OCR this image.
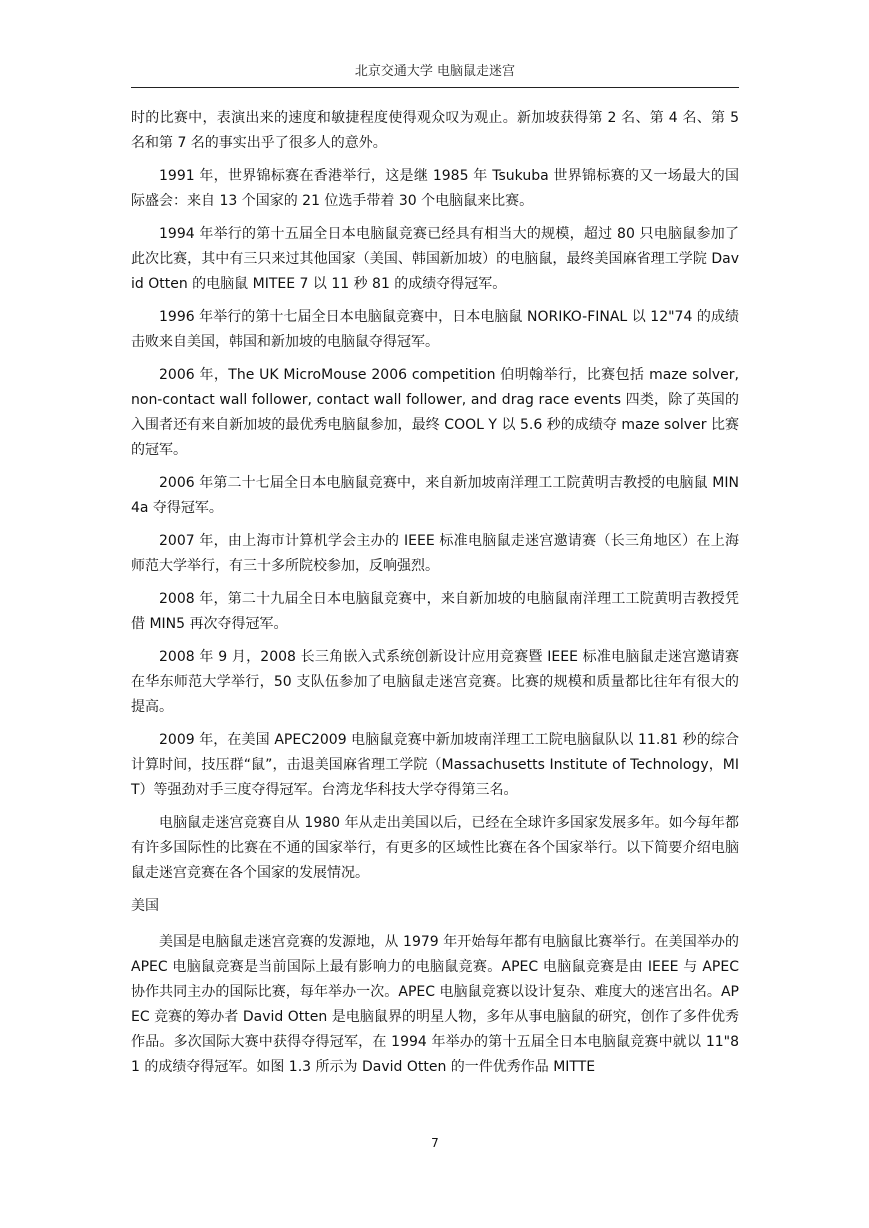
北京交通大学 电脑鼠走迷宫

时的比赛中，表演出来的速度和敏捷程度使得观众叹为观止。新加坡获得第 2 名、第 4 名、第 5 名和第 7 名的事实出乎了很多人的意外。

1991 年，世界锦标赛在香港举行，这是继 1985 年 Tsukuba 世界锦标赛的又一场最大的国际盛会：来自 13 个国家的 21 位选手带着 30 个电脑鼠来比赛。

1994 年举行的第十五届全日本电脑鼠竞赛已经具有相当大的规模，超过 80 只电脑鼠参加了此次比赛，其中有三只来过其他国家（美国、韩国新加坡）的电脑鼠，最终美国麻省理工学院 David Otten 的电脑鼠 MITEE 7 以 11 秒 81 的成绩夺得冠军。

1996 年举行的第十七届全日本电脑鼠竞赛中，日本电脑鼠 NORIKO-FINAL 以 12"74 的成绩击败来自美国，韩国和新加坡的电脑鼠夺得冠军。

2006 年，The UK MicroMouse 2006 competition 伯明翰举行，比赛包括 maze solver, non-contact wall follower, contact wall follower, and drag race events 四类，除了英国的入围者还有来自新加坡的最优秀电脑鼠参加，最终 COOL Y 以 5.6 秒的成绩夺 maze solver 比赛的冠军。

2006 年第二十七届全日本电脑鼠竞赛中，来自新加坡南洋理工工院黄明吉教授的电脑鼠 MIN4a 夺得冠军。

2007 年，由上海市计算机学会主办的 IEEE 标准电脑鼠走迷宫邀请赛（长三角地区）在上海师范大学举行，有三十多所院校参加，反响强烈。

2008 年，第二十九届全日本电脑鼠竞赛中，来自新加坡的电脑鼠南洋理工工院黄明吉教授凭借 MIN5 再次夺得冠军。

2008 年 9 月，2008 长三角嵌入式系统创新设计应用竞赛暨 IEEE 标准电脑鼠走迷宫邀请赛在华东师范大学举行，50 支队伍参加了电脑鼠走迷宫竞赛。比赛的规模和质量都比往年有很大的提高。

2009 年，在美国 APEC2009 电脑鼠竞赛中新加坡南洋理工工院电脑鼠队以 11.81 秒的综合计算时间，技压群“鼠”，击退美国麻省理工学院（Massachusetts Institute of Technology，MIT）等强劲对手三度夺得冠军。台湾龙华科技大学夺得第三名。

电脑鼠走迷宫竞赛自从 1980 年从走出美国以后，已经在全球许多国家发展多年。如今每年都有许多国际性的比赛在不通的国家举行，有更多的区域性比赛在各个国家举行。以下简要介绍电脑鼠走迷宫竞赛在各个国家的发展情况。

美国

美国是电脑鼠走迷宫竞赛的发源地，从 1979 年开始每年都有电脑鼠比赛举行。在美国举办的 APEC 电脑鼠竞赛是当前国际上最有影响力的电脑鼠竞赛。APEC 电脑鼠竞赛是由 IEEE 与 APEC 协作共同主办的国际比赛，每年举办一次。APEC 电脑鼠竞赛以设计复杂、难度大的迷宫出名。APEC 竞赛的筹办者 David Otten 是电脑鼠界的明星人物，多年从事电脑鼠的研究，创作了多件优秀作品。多次国际大赛中获得夺得冠军，在 1994 年举办的第十五届全日本电脑鼠竞赛中就以 11"81 的成绩夺得冠军。如图 1.3 所示为 David Otten 的一件优秀作品 MITTE

7
